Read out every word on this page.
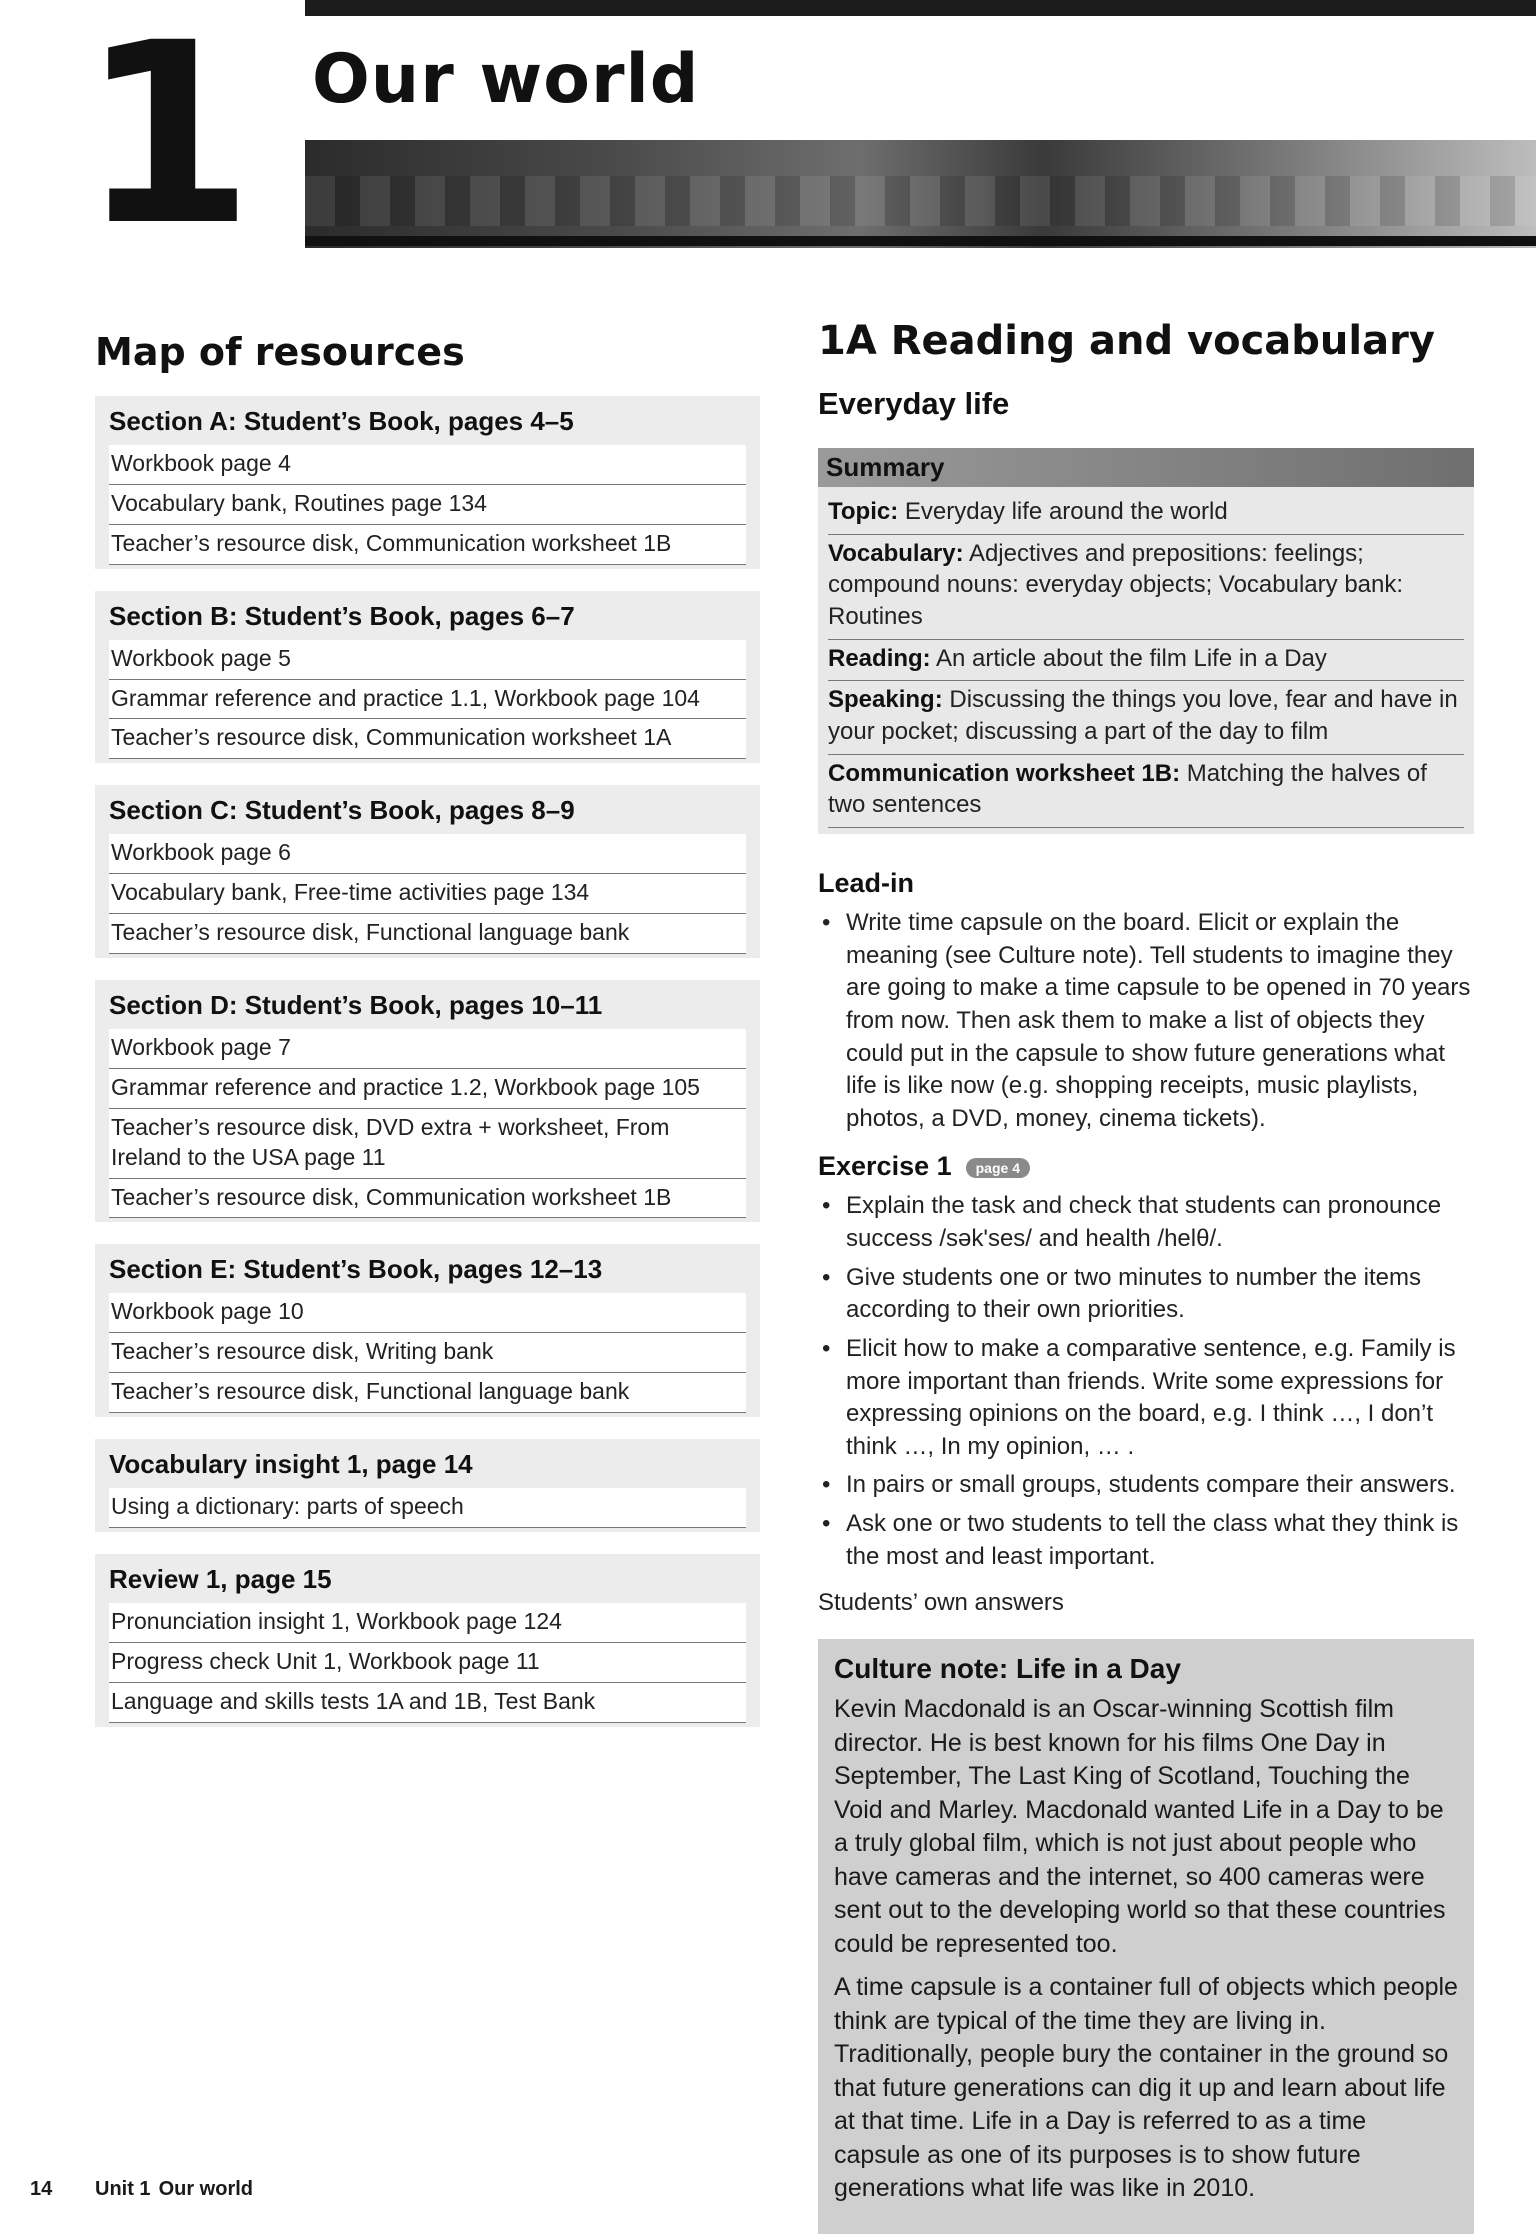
1 Our world
Map of resources
Section A: Student’s Book, pages 4–5
Workbook page 4
Vocabulary bank, Routines page 134
Teacher’s resource disk, Communication worksheet 1B
Section B: Student’s Book, pages 6–7
Workbook page 5
Grammar reference and practice 1.1, Workbook page 104
Teacher’s resource disk, Communication worksheet 1A
Section C: Student’s Book, pages 8–9
Workbook page 6
Vocabulary bank, Free-time activities page 134
Teacher’s resource disk, Functional language bank
Section D: Student’s Book, pages 10–11
Workbook page 7
Grammar reference and practice 1.2, Workbook page 105
Teacher’s resource disk, DVD extra + worksheet, From Ireland to the USA page 11
Teacher’s resource disk, Communication worksheet 1B
Section E: Student’s Book, pages 12–13
Workbook page 10
Teacher’s resource disk, Writing bank
Teacher’s resource disk, Functional language bank
Vocabulary insight 1, page 14
Using a dictionary: parts of speech
Review 1, page 15
Pronunciation insight 1, Workbook page 124
Progress check Unit 1, Workbook page 11
Language and skills tests 1A and 1B, Test Bank
1A Reading and vocabulary
Everyday life
Summary
Topic: Everyday life around the world
Vocabulary: Adjectives and prepositions: feelings; compound nouns: everyday objects; Vocabulary bank: Routines
Reading: An article about the film Life in a Day
Speaking: Discussing the things you love, fear and have in your pocket; discussing a part of the day to film
Communication worksheet 1B: Matching the halves of two sentences
Lead-in
• Write time capsule on the board. Elicit or explain the meaning (see Culture note). Tell students to imagine they are going to make a time capsule to be opened in 70 years from now. Then ask them to make a list of objects they could put in the capsule to show future generations what life is like now (e.g. shopping receipts, music playlists, photos, a DVD, money, cinema tickets).
Exercise 1 page 4
• Explain the task and check that students can pronounce success /sək'ses/ and health /helθ/.
• Give students one or two minutes to number the items according to their own priorities.
• Elicit how to make a comparative sentence, e.g. Family is more important than friends. Write some expressions for expressing opinions on the board, e.g. I think …, I don’t think …, In my opinion, … .
• In pairs or small groups, students compare their answers.
• Ask one or two students to tell the class what they think is the most and least important.
Students’ own answers
Culture note: Life in a Day

Kevin Macdonald is an Oscar-winning Scottish film director. He is best known for his films One Day in September, The Last King of Scotland, Touching the Void and Marley. Macdonald wanted Life in a Day to be a truly global film, which is not just about people who have cameras and the internet, so 400 cameras were sent out to the developing world so that these countries could be represented too.

A time capsule is a container full of objects which people think are typical of the time they are living in. Traditionally, people bury the container in the ground so that future generations can dig it up and learn about life at that time. Life in a Day is referred to as a time capsule as one of its purposes is to show future generations what life was like in 2010.

14 Unit 1 Our world
